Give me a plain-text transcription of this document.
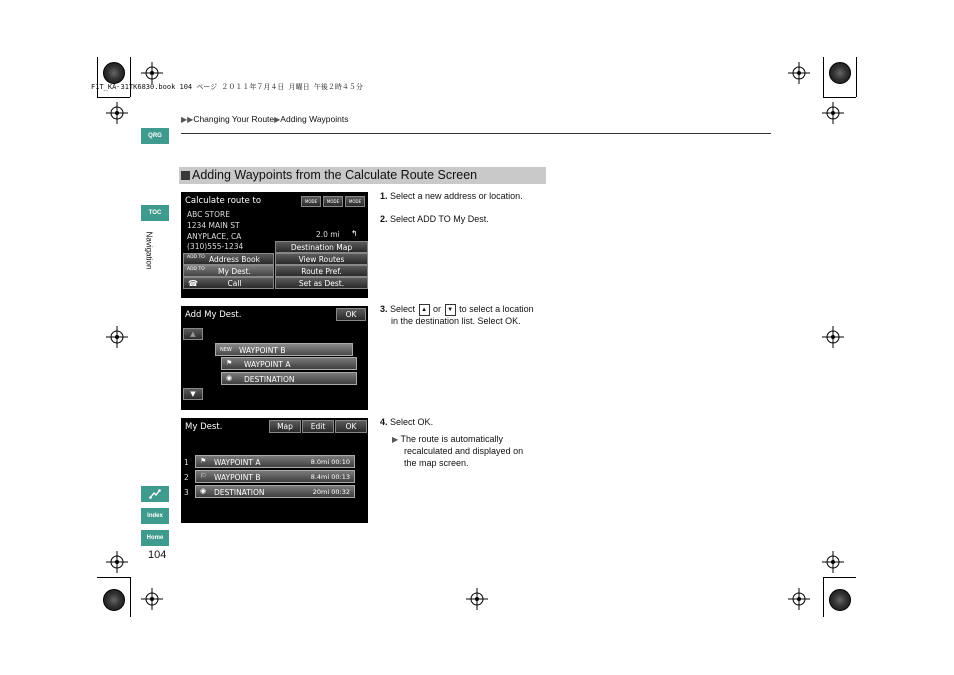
F1T_KA-31TK6830.book 104 ページ ２０１１年７月４日 月曜日 午後２時４５分
▶▶Changing Your Route▶Adding Waypoints
QRG
TOC
Navigation
Index
Home
104
Adding Waypoints from the Calculate Route Screen
Calculate route to	MODE	MODE	MODE
ABC STORE
1234 MAIN ST
ANYPLACE, CA
(310)555-1234
2.0 mi ↰
Destination Map
ADD TO Address Book	View Routes
ADD TO My Dest.	Route Pref.
☎	Call	Set as Dest.
Add My Dest.	OK
▲
▼
NEW WAYPOINT B
⚑ WAYPOINT A
◉ DESTINATION
My Dest.	Map	Edit	OK
1 ⚑ WAYPOINT A	8.0mi 00:10
2 ⚐ WAYPOINT B	8.4mi 00:13
3 ◉ DESTINATION	20mi 00:32
1. Select a new address or location.
2. Select ADD TO My Dest.
3. Select ▲ or ▼ to select a location
in the destination list. Select OK.
4. Select OK.
▶ The route is automatically
recalculated and displayed on
the map screen.
